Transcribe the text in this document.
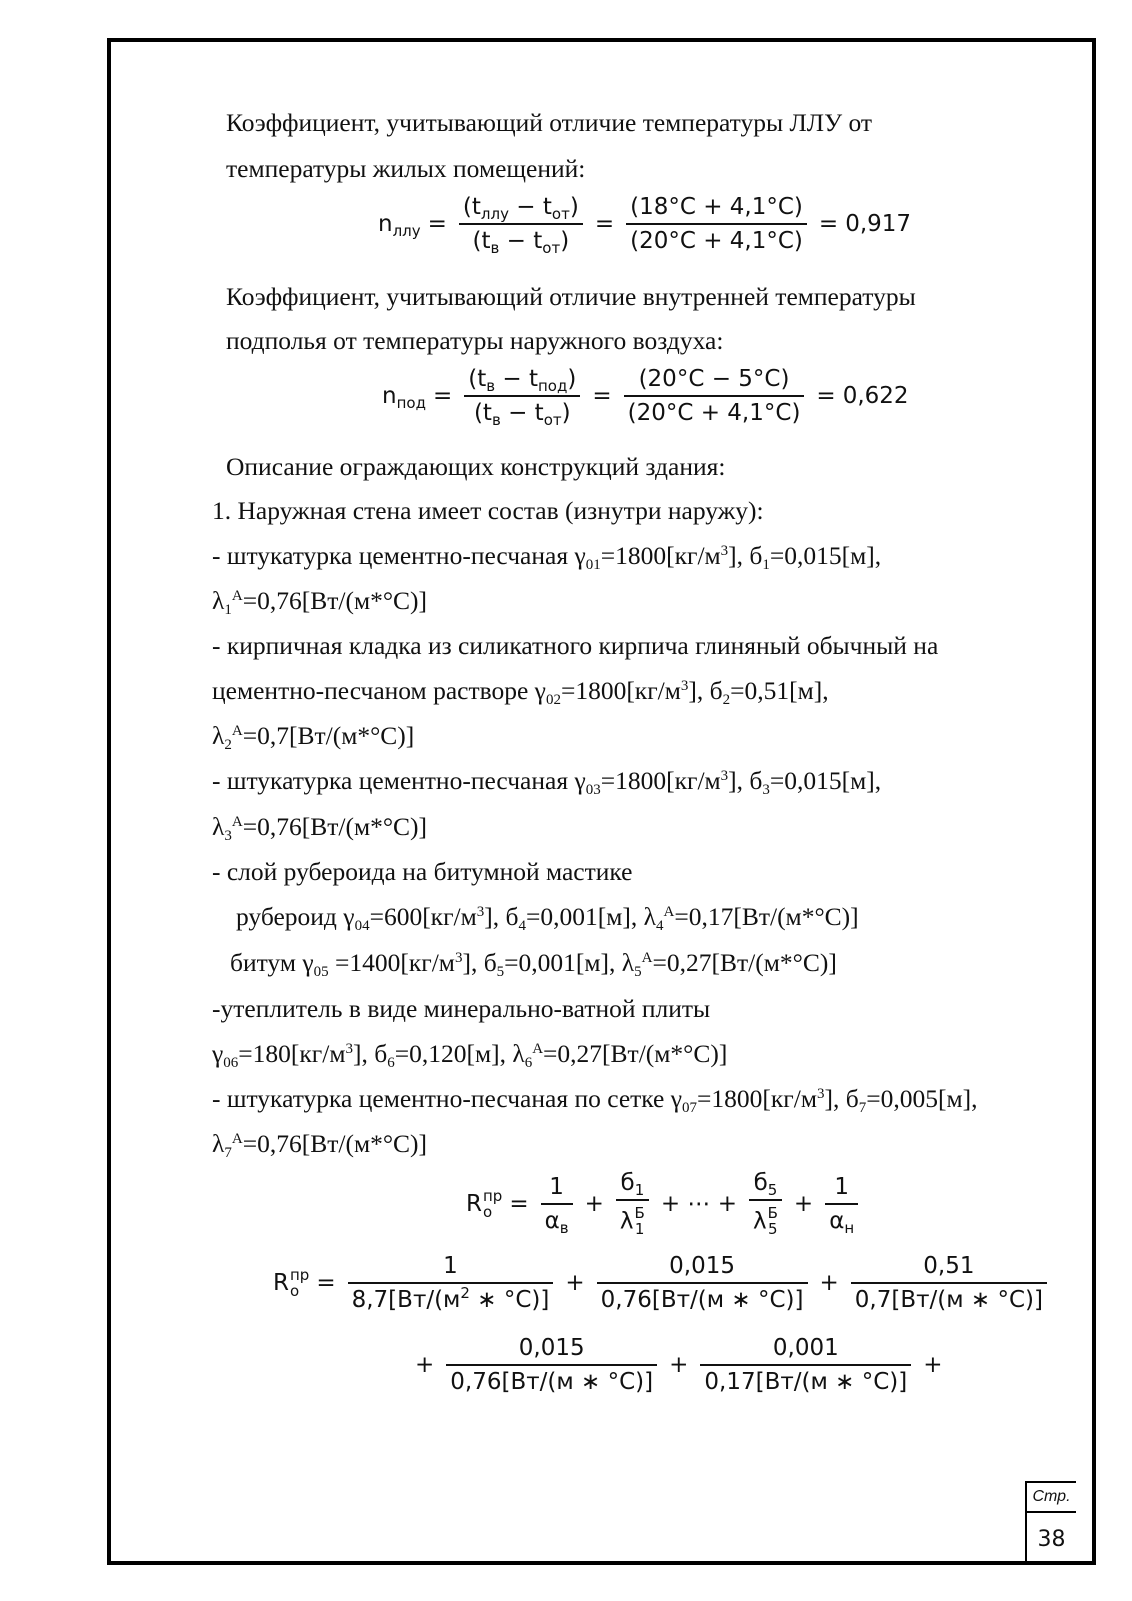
Коэффициент, учитывающий отличие температуры ЛЛУ от
температуры жилых помещений:
$n_{ллу} = \frac{(t_{ллу} - t_{от})}{(t_в - t_{от})} = \frac{(18^\circ C + 4,1^\circ C)}{(20^\circ C + 4,1^\circ C)} = 0,917$
Коэффициент, учитывающий отличие внутренней температуры
подполья от температуры наружного воздуха:
$n_{под} = \frac{(t_в - t_{под})}{(t_в - t_{от})} = \frac{(20^\circ C - 5^\circ C)}{(20^\circ C + 4,1^\circ C)} = 0,622$
Описание ограждающих конструкций здания:
1. Наружная стена имеет состав (изнутри наружу):
- штукатурка цементно-песчаная $\gamma_{01}=1800[кг/м^3]$, $б_1=0,015[м]$,
$\lambda_1^А=0,76[Вт/(м*^\circ С)]$
- кирпичная кладка из силикатного кирпича глиняный обычный на
цементно-песчаном растворе $\gamma_{02}=1800[кг/м^3]$, $б_2=0,51[м]$,
$\lambda_2^А=0,7[Вт/(м*^\circ С)]$
- штукатурка цементно-песчаная $\gamma_{03}=1800[кг/м^3]$, $б_3=0,015[м]$,
$\lambda_3^А=0,76[Вт/(м*^\circ С)]$
- слой рубероида на битумной мастике
рубероид $\gamma_{04}=600[кг/м^3]$, $б_4=0,001[м]$, $\lambda_4^А=0,17[Вт/(м*^\circ С)]$
битум $\gamma_{05} =1400[кг/м^3]$, $б_5=0,001[м]$, $\lambda_5^А=0,27[Вт/(м*^\circ С)]$
-утеплитель в виде минерально-ватной плиты
$\gamma_{06}=180[кг/м^3]$, $б_6=0,120[м]$, $\lambda_6^А=0,27[Вт/(м*^\circ С)]$
- штукатурка цементно-песчаная по сетке $\gamma_{07}=1800[кг/м^3]$, $б_7=0,005[м]$,
$\lambda_7^А=0,76[Вт/(м*^\circ С)]$
R пр
$о = \frac{1}{\alpha_в} + б_1$
λ Б
1 + ⋯ + $б_5$
λ Б
$5 + \frac{1}{\alpha_н}$
R пр
$о = \frac{1}{8,7[Вт/(м^2 ∗ ^\circ C)]} + \frac{0,015}{0,76[Вт/(м ∗ ^\circ C)]} + \frac{0,51}{0,7[Вт/(м ∗ ^\circ C)]}$
+ $\frac{0,015}{0,76[Вт/(м ∗ ^\circ C)]} + \frac{0,001}{0,17[Вт/(м ∗ ^\circ C)]}$ +
Стр.
38
